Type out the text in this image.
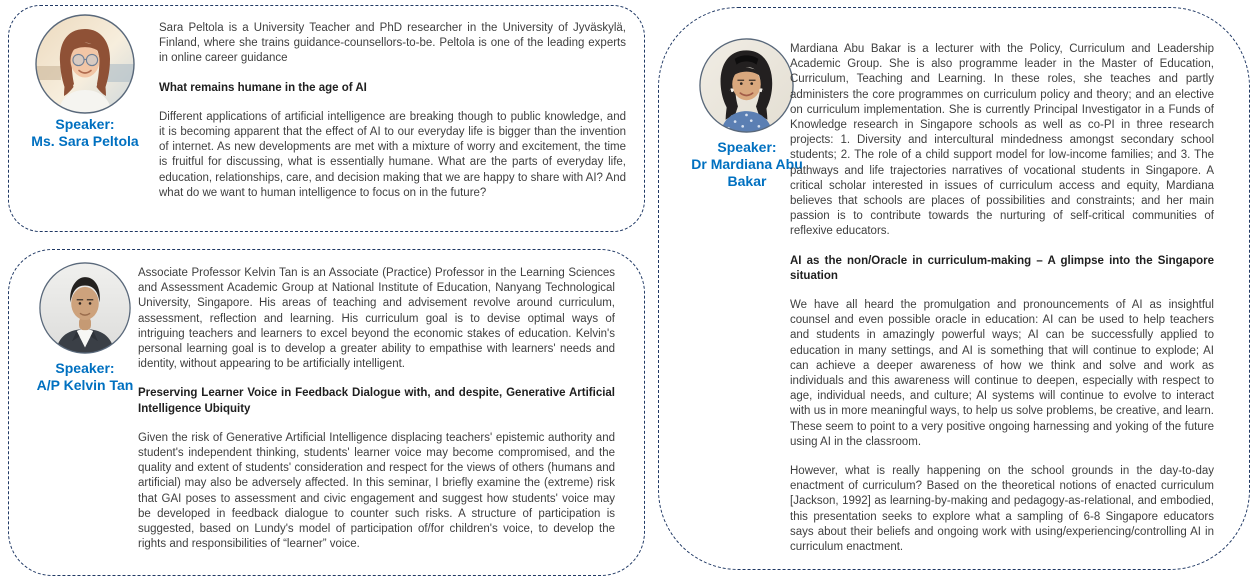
Speaker:
Ms. Sara Peltola

Sara Peltola is a University Teacher and PhD researcher in the University of Jyväskylä, Finland, where she trains guidance-counsellors-to-be. Peltola is one of the leading experts in online career guidance

What remains humane in the age of AI

Different applications of artificial intelligence are breaking though to public knowledge, and it is becoming apparent that the effect of AI to our everyday life is bigger than the invention of internet. As new developments are met with a mixture of worry and excitement, the time is fruitful for discussing, what is essentially humane. What are the parts of everyday life, education, relationships, care, and decision making that we are happy to share with AI? And what do we want to human intelligence to focus on in the future?

Speaker:
A/P Kelvin Tan

Associate Professor Kelvin Tan is an Associate (Practice) Professor in the Learning Sciences and Assessment Academic Group at National Institute of Education, Nanyang Technological University, Singapore. His areas of teaching and advisement revolve around curriculum, assessment, reflection and learning. His curriculum goal is to devise optimal ways of intriguing teachers and learners to excel beyond the economic stakes of education. Kelvin's personal learning goal is to develop a greater ability to empathise with learners' needs and identity, without appearing to be artificially intelligent.

Preserving Learner Voice in Feedback Dialogue with, and despite, Generative Artificial Intelligence Ubiquity

Given the risk of Generative Artificial Intelligence displacing teachers' epistemic authority and student's independent thinking, students' learner voice may become compromised, and the quality and extent of students' consideration and respect for the views of others (humans and artificial) may also be adversely affected. In this seminar, I briefly examine the (extreme) risk that GAI poses to assessment and civic engagement and suggest how students' voice may be developed in feedback dialogue to counter such risks. A structure of participation is suggested, based on Lundy's model of participation of/for children's voice, to develop the rights and responsibilities of “learner” voice.

Speaker:
Dr Mardiana Abu Bakar

Mardiana Abu Bakar is a lecturer with the Policy, Curriculum and Leadership Academic Group. She is also programme leader in the Master of Education, Curriculum, Teaching and Learning. In these roles, she teaches and partly administers the core programmes on curriculum policy and theory; and an elective on curriculum implementation. She is currently Principal Investigator in a Funds of Knowledge research in Singapore schools as well as co-PI in three research projects: 1. Diversity and intercultural mindedness amongst secondary school students; 2. The role of a child support model for low-income families; and 3. The pathways and life trajectories narratives of vocational students in Singapore. A critical scholar interested in issues of curriculum access and equity, Mardiana believes that schools are places of possibilities and constraints; and her main passion is to contribute towards the nurturing of self-critical communities of reflexive educators.

AI as the non/Oracle in curriculum-making – A glimpse into the Singapore situation

We have all heard the promulgation and pronouncements of AI as insightful counsel and even possible oracle in education: AI can be used to help teachers and students in amazingly powerful ways; AI can be successfully applied to education in many settings, and AI is something that will continue to explode; AI can achieve a deeper awareness of how we think and solve and work as individuals and this awareness will continue to deepen, especially with respect to age, individual needs, and culture; AI systems will continue to evolve to interact with us in more meaningful ways, to help us solve problems, be creative, and learn. These seem to point to a very positive ongoing harnessing and yoking of the future using AI in the classroom.

However, what is really happening on the school grounds in the day-to-day enactment of curriculum? Based on the theoretical notions of enacted curriculum [Jackson, 1992] as learning-by-making and pedagogy-as-relational, and embodied, this presentation seeks to explore what a sampling of 6-8 Singapore educators says about their beliefs and ongoing work with using/experiencing/controlling AI in curriculum enactment.
